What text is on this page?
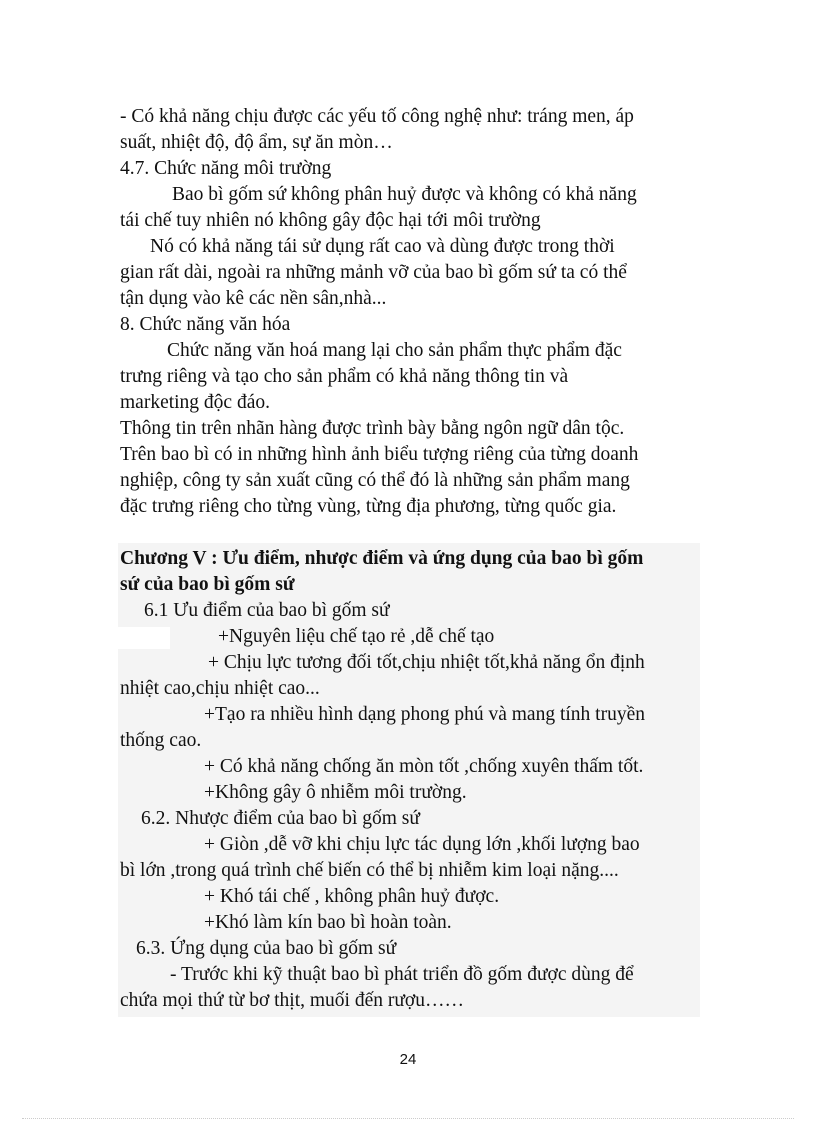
- Có khả năng chịu được các yếu tố công nghệ như: tráng men, áp
suất, nhiệt độ, độ ẩm, sự ăn mòn…
4.7. Chức năng môi trường
Bao bì gốm sứ không phân huỷ được và không có khả năng
tái chế tuy nhiên nó không gây độc hại tới môi trường
Nó có khả năng tái sử dụng rất cao và dùng được trong thời
gian rất dài, ngoài ra những mảnh vỡ của bao bì gốm sứ ta có thể
tận dụng vào kê các nền sân,nhà...
8. Chức năng văn hóa
Chức năng văn hoá mang lại cho sản phẩm thực phẩm đặc
trưng riêng và tạo cho sản phẩm có khả năng thông tin và
marketing độc đáo.
Thông tin trên nhãn hàng được trình bày bằng ngôn ngữ dân tộc.
Trên bao bì có in những hình ảnh biểu tượng riêng của từng doanh
nghiệp, công ty sản xuất cũng có thể đó là những sản phẩm mang
đặc trưng riêng cho từng vùng, từng địa phương, từng quốc gia.
Chương V : Ưu điểm, nhược điểm và ứng dụng của bao bì gốm
sứ của bao bì gốm sứ
6.1 Ưu điểm của bao bì gốm sứ
+Nguyên liệu chế tạo rẻ ,dễ chế tạo
+ Chịu lực tương đối tốt,chịu nhiệt tốt,khả năng ổn định
nhiệt cao,chịu nhiệt cao...
+Tạo ra nhiều hình dạng phong phú và mang tính truyền
thống cao.
+ Có khả năng chống ăn mòn tốt ,chống xuyên thấm tốt.
+Không gây ô nhiễm môi trường.
6.2. Nhược điểm của bao bì gốm sứ
+ Giòn ,dễ vỡ khi chịu lực tác dụng lớn ,khối lượng bao
bì lớn ,trong quá trình chế biến có thể bị nhiễm kim loại nặng....
+ Khó tái chế , không phân huỷ được.
+Khó làm kín bao bì hoàn toàn.
6.3. Ứng dụng của bao bì gốm sứ
- Trước khi kỹ thuật bao bì phát triển đồ gốm được dùng để
chứa mọi thứ từ bơ thịt, muối đến rượu……
24
